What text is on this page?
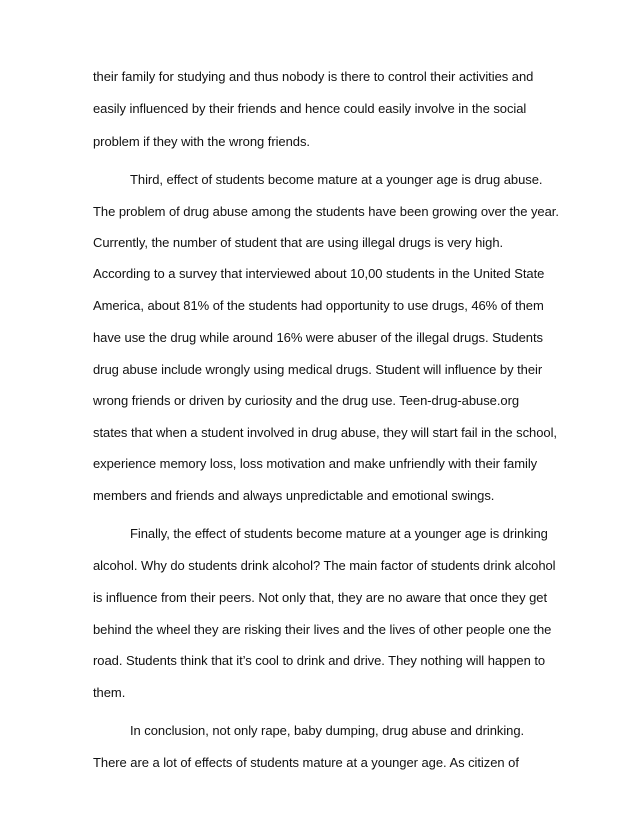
their family for studying and thus nobody is there to control their activities and
easily influenced by their friends and hence could easily involve in the social
problem if they with the wrong friends.
Third, effect of students become mature at a younger age is drug abuse.
The problem of drug abuse among the students have been growing over the year.
Currently, the number of student that are using illegal drugs is very high.
According to a survey that interviewed about 10,00 students in the United State
America, about 81% of the students had opportunity to use drugs, 46% of them
have use the drug while around 16% were abuser of the illegal drugs. Students
drug abuse include wrongly using medical drugs. Student will influence by their
wrong friends or driven by curiosity and the drug use. Teen-drug-abuse.org
states that when a student involved in drug abuse, they will start fail in the school,
experience memory loss, loss motivation and make unfriendly with their family
members and friends and always unpredictable and emotional swings.
Finally, the effect of students become mature at a younger age is drinking
alcohol. Why do students drink alcohol? The main factor of students drink alcohol
is influence from their peers. Not only that, they are no aware that once they get
behind the wheel they are risking their lives and the lives of other people one the
road. Students think that it’s cool to drink and drive. They nothing will happen to
them.
In conclusion, not only rape, baby dumping, drug abuse and drinking.
There are a lot of effects of students mature at a younger age. As citizen of
